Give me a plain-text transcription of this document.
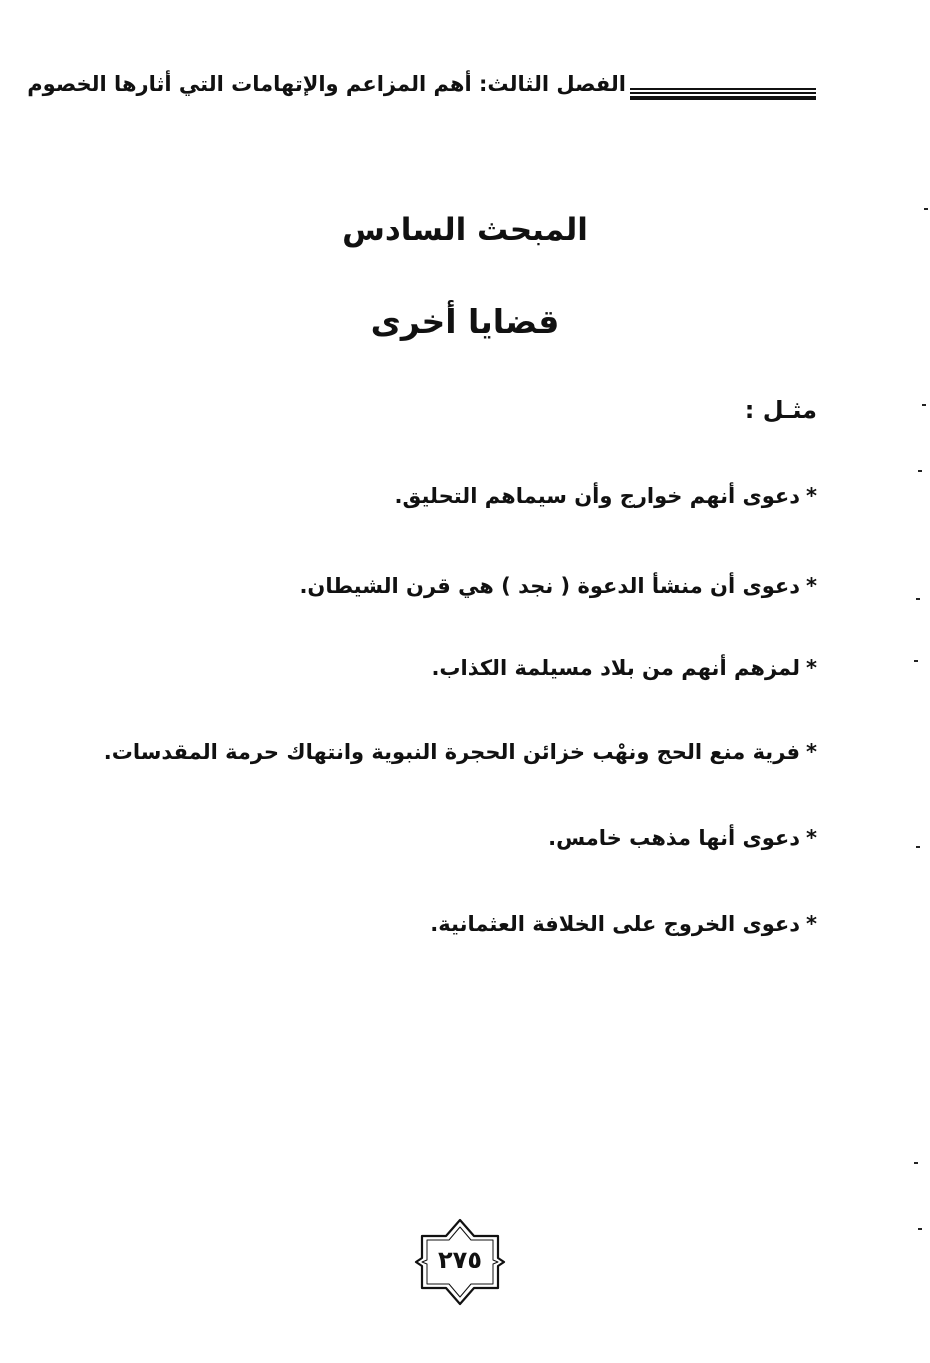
الفصل الثالث: أهم المزاعم والإتهامات التي أثارها الخصوم
المبحث السادس
قضايا أخرى
مثـل :
*دعوى أنهم خوارج وأن سيماهم التحليق.
*دعوى أن منشأ الدعوة ( نجد ) هي قرن الشيطان.
*لمزهم أنهم من بلاد مسيلمة الكذاب.
*فرية منع الحج ونهْب خزائن الحجرة النبوية وانتهاك حرمة المقدسات.
*دعوى أنها مذهب خامس.
*دعوى الخروج على الخلافة العثمانية.
٢٧٥
